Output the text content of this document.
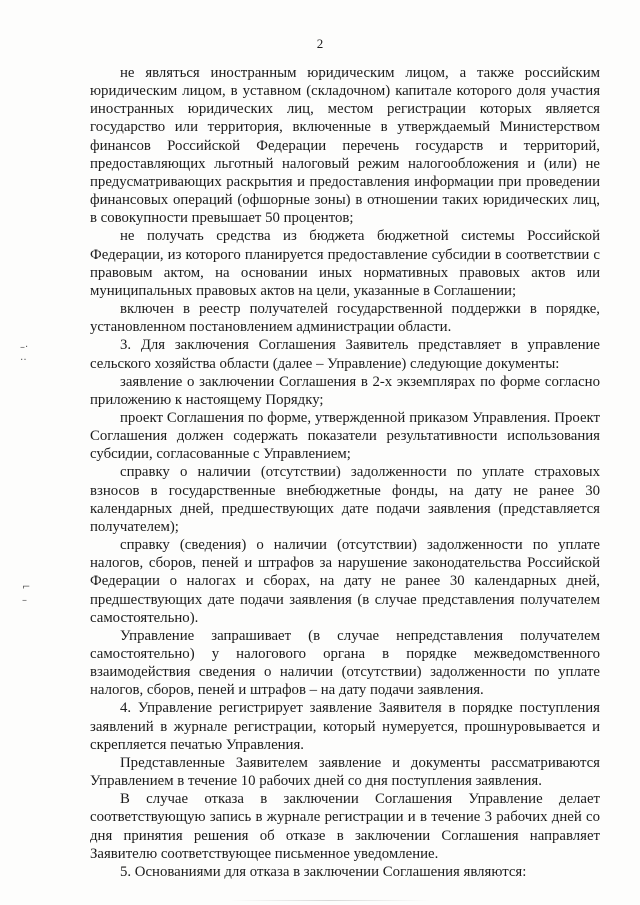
2
–·
‥
⌐
–

не являться иностранным юридическим лицом, а также российским юридическим лицом, в уставном (складочном) капитале которого доля участия иностранных юридических лиц, местом регистрации которых является государство или территория, включенные в утверждаемый Министерством финансов Российской Федерации перечень государств и территорий, предоставляющих льготный налоговый режим налогообложения и (или) не предусматривающих раскрытия и предоставления информации при проведении финансовых операций (офшорные зоны) в отношении таких юридических лиц, в совокупности превышает 50 процентов;

не получать средства из бюджета бюджетной системы Российской Федерации, из которого планируется предоставление субсидии в соответствии с правовым актом, на основании иных нормативных правовых актов или муниципальных правовых актов на цели, указанные в Соглашении;

включен в реестр получателей государственной поддержки в порядке, установленном постановлением администрации области.

3. Для заключения Соглашения Заявитель представляет в управление сельского хозяйства области (далее – Управление) следующие документы:

заявление о заключении Соглашения в 2-х экземплярах по форме согласно приложению к настоящему Порядку;

проект Соглашения по форме, утвержденной приказом Управления. Проект Соглашения должен содержать показатели результативности использования субсидии, согласованные с Управлением;

справку о наличии (отсутствии) задолженности по уплате страховых взносов в государственные внебюджетные фонды, на дату не ранее 30 календарных дней, предшествующих дате подачи заявления (представляется получателем);

справку (сведения) о наличии (отсутствии) задолженности по уплате налогов, сборов, пеней и штрафов за нарушение законодательства Российской Федерации о налогах и сборах, на дату не ранее 30 календарных дней, предшествующих дате подачи заявления (в случае представления получателем самостоятельно).

Управление запрашивает (в случае непредставления получателем самостоятельно) у налогового органа в порядке межведомственного взаимодействия сведения о наличии (отсутствии) задолженности по уплате налогов, сборов, пеней и штрафов – на дату подачи заявления.

4. Управление регистрирует заявление Заявителя в порядке поступления заявлений в журнале регистрации, который нумеруется, прошнуровывается и скрепляется печатью Управления.

Представленные Заявителем заявление и документы рассматриваются Управлением в течение 10 рабочих дней со дня поступления заявления.

В случае отказа в заключении Соглашения Управление делает соответствующую запись в журнале регистрации и в течение 3 рабочих дней со дня принятия решения об отказе в заключении Соглашения направляет Заявителю соответствующее письменное уведомление.

5. Основаниями для отказа в заключении Соглашения являются:
